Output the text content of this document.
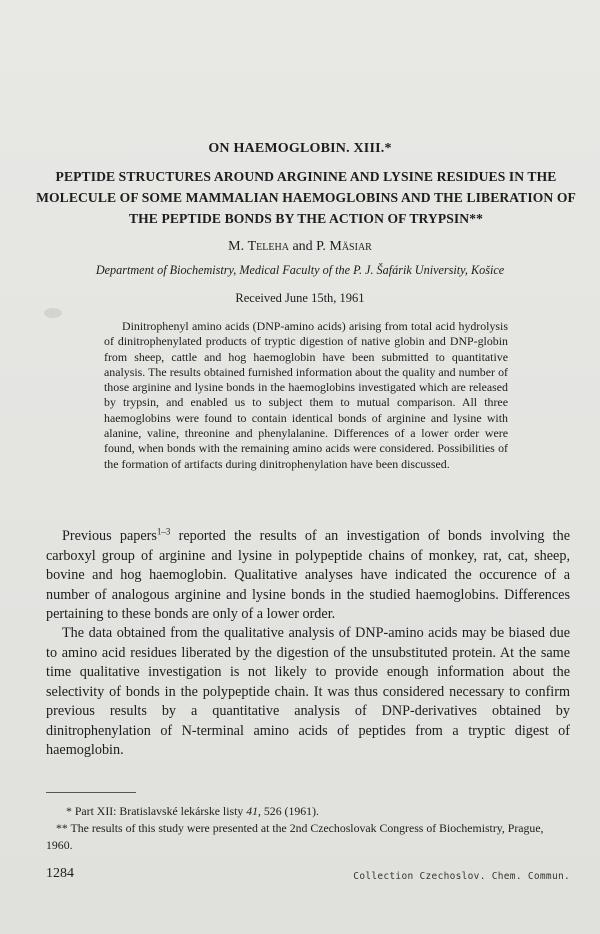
ON HAEMOGLOBIN. XIII.*
PEPTIDE STRUCTURES AROUND ARGININE AND LYSINE RESIDUES IN THE MOLECULE OF SOME MAMMALIAN HAEMOGLOBINS AND THE LIBERATION OF THE PEPTIDE BONDS BY THE ACTION OF TRYPSIN**
M. Teleha and P. Mäsiar
Department of Biochemistry, Medical Faculty of the P. J. Šafárik University, Košice
Received June 15th, 1961
Dinitrophenyl amino acids (DNP-amino acids) arising from total acid hydrolysis of dinitrophenylated products of tryptic digestion of native globin and DNP-globin from sheep, cattle and hog haemoglobin have been submitted to quantitative analysis. The results obtained furnished information about the quality and number of those arginine and lysine bonds in the haemoglobins investigated which are released by trypsin, and enabled us to subject them to mutual comparison. All three haemoglobins were found to contain identical bonds of arginine and lysine with alanine, valine, threonine and phenylalanine. Differences of a lower order were found, when bonds with the remaining amino acids were considered. Possibilities of the formation of artifacts during dinitrophenylation have been discussed.
Previous papers$^{1-3}$ reported the results of an investigation of bonds involving the carboxyl group of arginine and lysine in polypeptide chains of monkey, rat, cat, sheep, bovine and hog haemoglobin. Qualitative analyses have indicated the occurence of a number of analogous arginine and lysine bonds in the studied haemoglobins. Differences pertaining to these bonds are only of a lower order.
The data obtained from the qualitative analysis of DNP-amino acids may be biased due to amino acid residues liberated by the digestion of the unsubstituted protein. At the same time qualitative investigation is not likely to provide enough information about the selectivity of bonds in the polypeptide chain. It was thus considered necessary to confirm previous results by a quantitative analysis of DNP-derivatives obtained by dinitrophenylation of N-terminal amino acids of peptides from a tryptic digest of haemoglobin.
* Part XII: Bratislavské lekárske listy 41, 526 (1961).
** The results of this study were presented at the 2nd Czechoslovak Congress of Biochemistry, Prague, 1960.
1284	Collection Czechoslov. Chem. Commun.
